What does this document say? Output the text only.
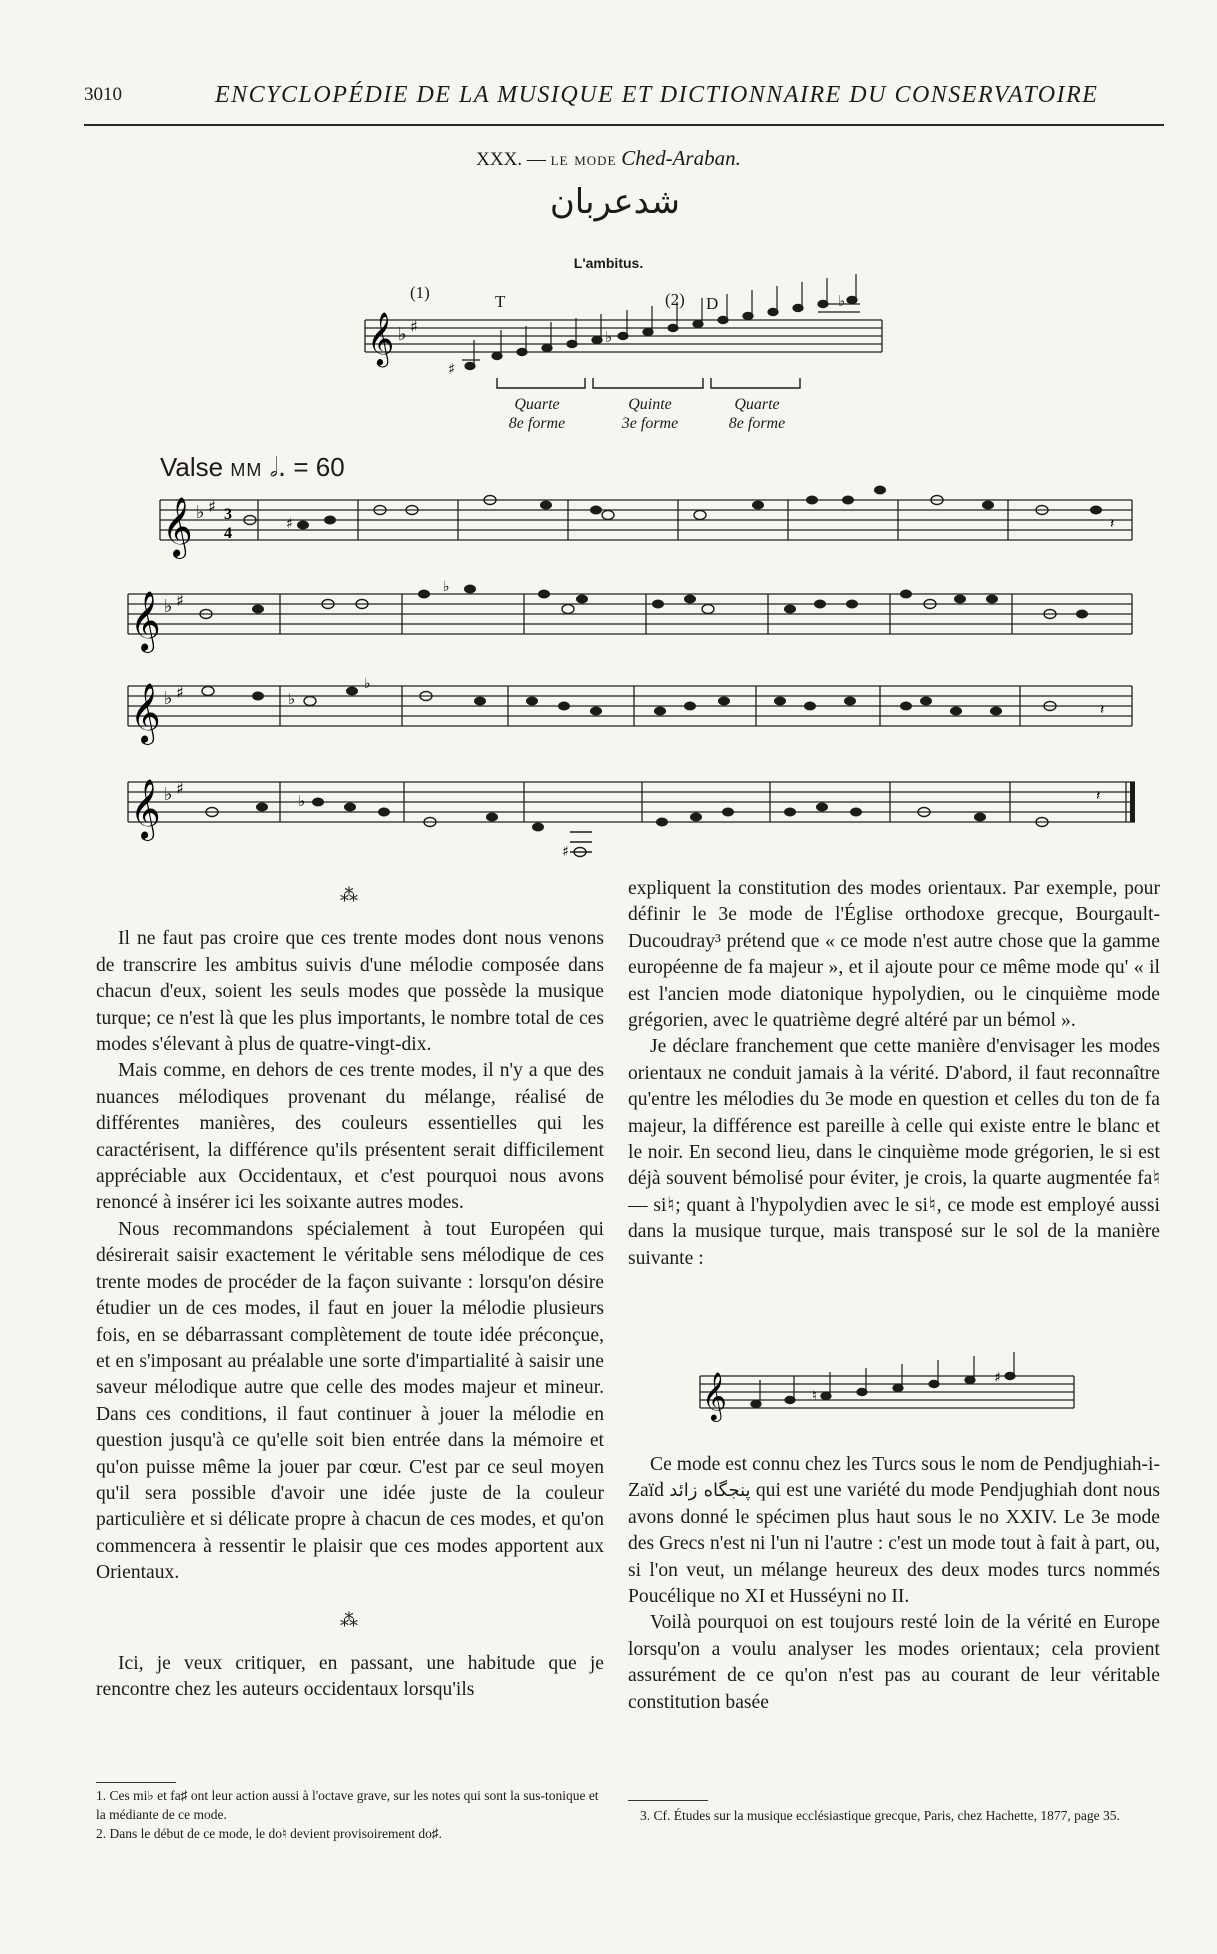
3010	ENCYCLOPÉDIE DE LA MUSIQUE ET DICTIONNAIRE DU CONSERVATOIRE
XXX. — le mode Ched-Araban.
شدعربان
L'ambitus.
(1)	T	(2) D
𝄞 ♭ ♯
♯
♭
♭
Quarte
8e forme
Quinte
3e forme
Quarte
8e forme
Valse MM 𝅗𝅥. = 60
𝄞 ♭ ♯ 3
4
♯	𝄽
𝄞 ♭ ♯
♭
𝄞 ♭ ♯	♭
♭
𝄽
𝄞 ♭ ♯
♭
♯
𝄽
⁂

Il ne faut pas croire que ces trente modes dont nous venons de transcrire les ambitus suivis d'une mélodie composée dans chacun d'eux, soient les seuls modes que possède la musique turque; ce n'est là que les plus importants, le nombre total de ces modes s'élevant à plus de quatre-vingt-dix.

Mais comme, en dehors de ces trente modes, il n'y a que des nuances mélodiques provenant du mélange, réalisé de différentes manières, des couleurs essentielles qui les caractérisent, la différence qu'ils présentent serait difficilement appréciable aux Occidentaux, et c'est pourquoi nous avons renoncé à insérer ici les soixante autres modes.

Nous recommandons spécialement à tout Européen qui désirerait saisir exactement le véritable sens mélodique de ces trente modes de procéder de la façon suivante : lorsqu'on désire étudier un de ces modes, il faut en jouer la mélodie plusieurs fois, en se débarrassant complètement de toute idée préconçue, et en s'imposant au préalable une sorte d'impartialité à saisir une saveur mélodique autre que celle des modes majeur et mineur. Dans ces conditions, il faut continuer à jouer la mélodie en question jusqu'à ce qu'elle soit bien entrée dans la mémoire et qu'on puisse même la jouer par cœur. C'est par ce seul moyen qu'il sera possible d'avoir une idée juste de la couleur particulière et si délicate propre à chacun de ces modes, et qu'on commencera à ressentir le plaisir que ces modes apportent aux Orientaux.

⁂

Ici, je veux critiquer, en passant, une habitude que je rencontre chez les auteurs occidentaux lorsqu'ils

expliquent la constitution des modes orientaux. Par exemple, pour définir le 3e mode de l'Église orthodoxe grecque, Bourgault-Ducoudray³ prétend que « ce mode n'est autre chose que la gamme européenne de fa majeur », et il ajoute pour ce même mode qu' « il est l'ancien mode diatonique hypolydien, ou le cinquième mode grégorien, avec le quatrième degré altéré par un bémol ».

Je déclare franchement que cette manière d'envisager les modes orientaux ne conduit jamais à la vérité. D'abord, il faut reconnaître qu'entre les mélodies du 3e mode en question et celles du ton de fa majeur, la différence est pareille à celle qui existe entre le blanc et le noir. En second lieu, dans le cinquième mode grégorien, le si est déjà souvent bémolisé pour éviter, je crois, la quarte augmentée fa♮ — si♮; quant à l'hypolydien avec le si♮, ce mode est employé aussi dans la musique turque, mais transposé sur le sol de la manière suivante :

𝄞	♮
♯

Ce mode est connu chez les Turcs sous le nom de Pendjughiah-i-Zaïd پنجگاه زائد qui est une variété du mode Pendjughiah dont nous avons donné le spécimen plus haut sous le no XXIV. Le 3e mode des Grecs n'est ni l'un ni l'autre : c'est un mode tout à fait à part, ou, si l'on veut, un mélange heureux des deux modes turcs nommés Poucélique no XI et Husséyni no II.

Voilà pourquoi on est toujours resté loin de la vérité en Europe lorsqu'on a voulu analyser les modes orientaux; cela provient assurément de ce qu'on n'est pas au courant de leur véritable constitution basée

1. Ces mi♭ et fa♯ ont leur action aussi à l'octave grave, sur les notes qui sont la sus-tonique et la médiante de ce mode.
2. Dans le début de ce mode, le do♮ devient provisoirement do♯.
3. Cf. Études sur la musique ecclésiastique grecque, Paris, chez Hachette, 1877, page 35.
